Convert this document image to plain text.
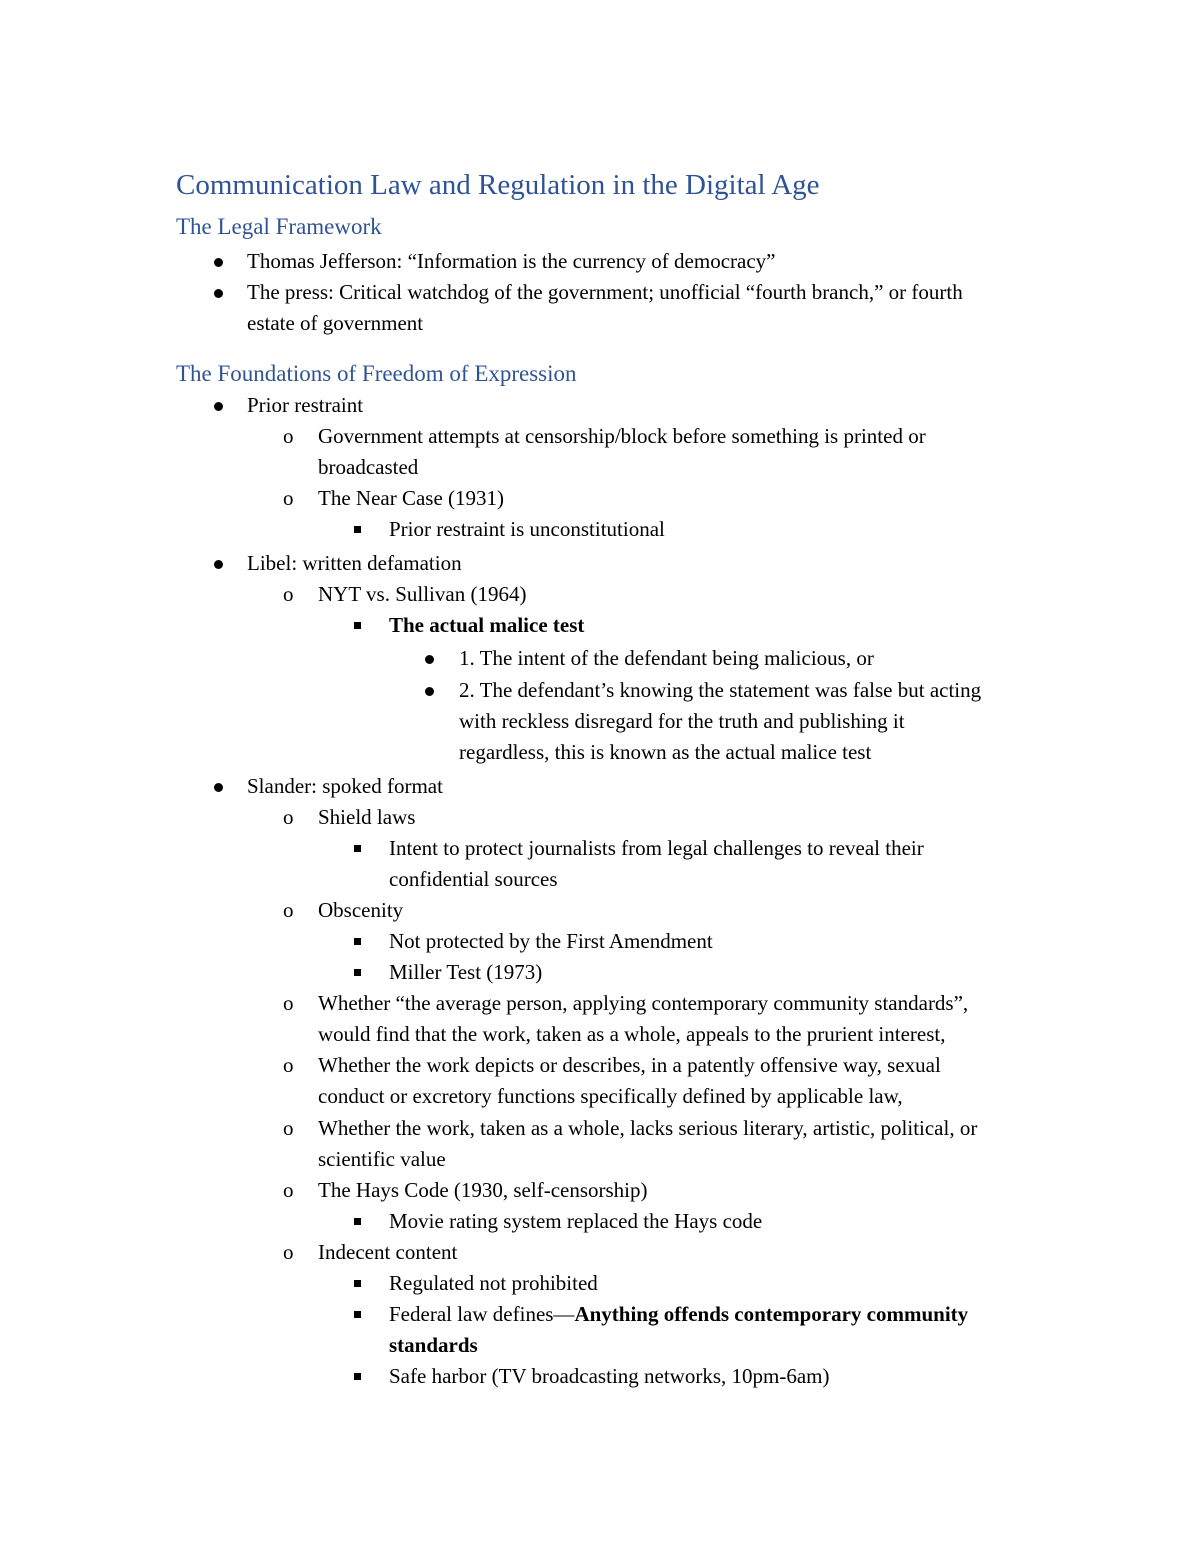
Communication Law and Regulation in the Digital Age
The Legal Framework
Thomas Jefferson: “Information is the currency of democracy”
The press: Critical watchdog of the government; unofficial “fourth branch,” or fourth
estate of government
The Foundations of Freedom of Expression
Prior restraint
o Government attempts at censorship/block before something is printed or
broadcasted
o The Near Case (1931)
Prior restraint is unconstitutional
Libel: written defamation
o NYT vs. Sullivan (1964)
The actual malice test
1. The intent of the defendant being malicious, or
2. The defendant’s knowing the statement was false but acting
with reckless disregard for the truth and publishing it
regardless, this is known as the actual malice test
Slander: spoked format
o Shield laws
Intent to protect journalists from legal challenges to reveal their
confidential sources
o Obscenity
Not protected by the First Amendment
Miller Test (1973)
o Whether “the average person, applying contemporary community standards”,
would find that the work, taken as a whole, appeals to the prurient interest,
o Whether the work depicts or describes, in a patently offensive way, sexual
conduct or excretory functions specifically defined by applicable law,
o Whether the work, taken as a whole, lacks serious literary, artistic, political, or
scientific value
o The Hays Code (1930, self-censorship)
Movie rating system replaced the Hays code
o Indecent content
Regulated not prohibited
Federal law defines—Anything offends contemporary community
standards
Safe harbor (TV broadcasting networks, 10pm-6am)
